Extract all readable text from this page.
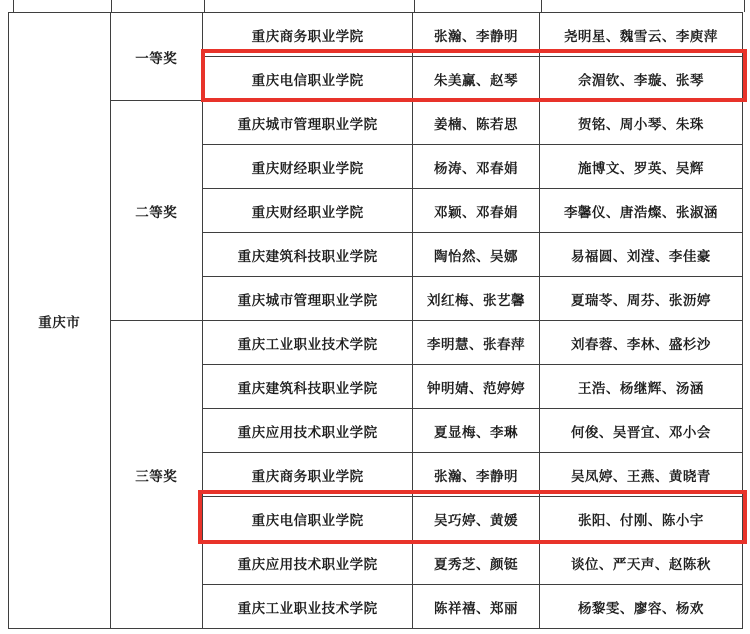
重庆市	一等奖	重庆商务职业学院	张瀚、李静明	尧明星、魏雪云、李庾萍
		重庆电信职业学院	朱美赢、赵琴	佘湄钦、李璇、张琴
	二等奖	重庆城市管理职业学院	姜楠、陈若思	贺铭、周小琴、朱珠
		重庆财经职业学院	杨涛、邓春娟	施博文、罗英、吴辉
		重庆财经职业学院	邓颖、邓春娟	李馨仪、唐浩燦、张淑涵
		重庆建筑科技职业学院	陶怡然、吴娜	易福圆、刘滢、李佳豪
		重庆城市管理职业学院	刘红梅、张艺馨	夏瑞苓、周芬、张沥婷
	三等奖	重庆工业职业技术学院	李明慧、张春萍	刘春蓉、李林、盛杉沙
		重庆建筑科技职业学院	钟明婧、范婷婷	王浩、杨继辉、汤涵
		重庆应用技术职业学院	夏显梅、李琳	何俊、吴晋宜、邓小会
		重庆商务职业学院	张瀚、李静明	吴凤婷、王燕、黄晓青
		重庆电信职业学院	吴巧婷、黄媛	张阳、付刚、陈小宇
		重庆应用技术职业学院	夏秀芝、颜铤	谈位、严天声、赵陈秋
		重庆工业职业技术学院	陈祥禧、郑丽	杨黎雯、廖容、杨欢
